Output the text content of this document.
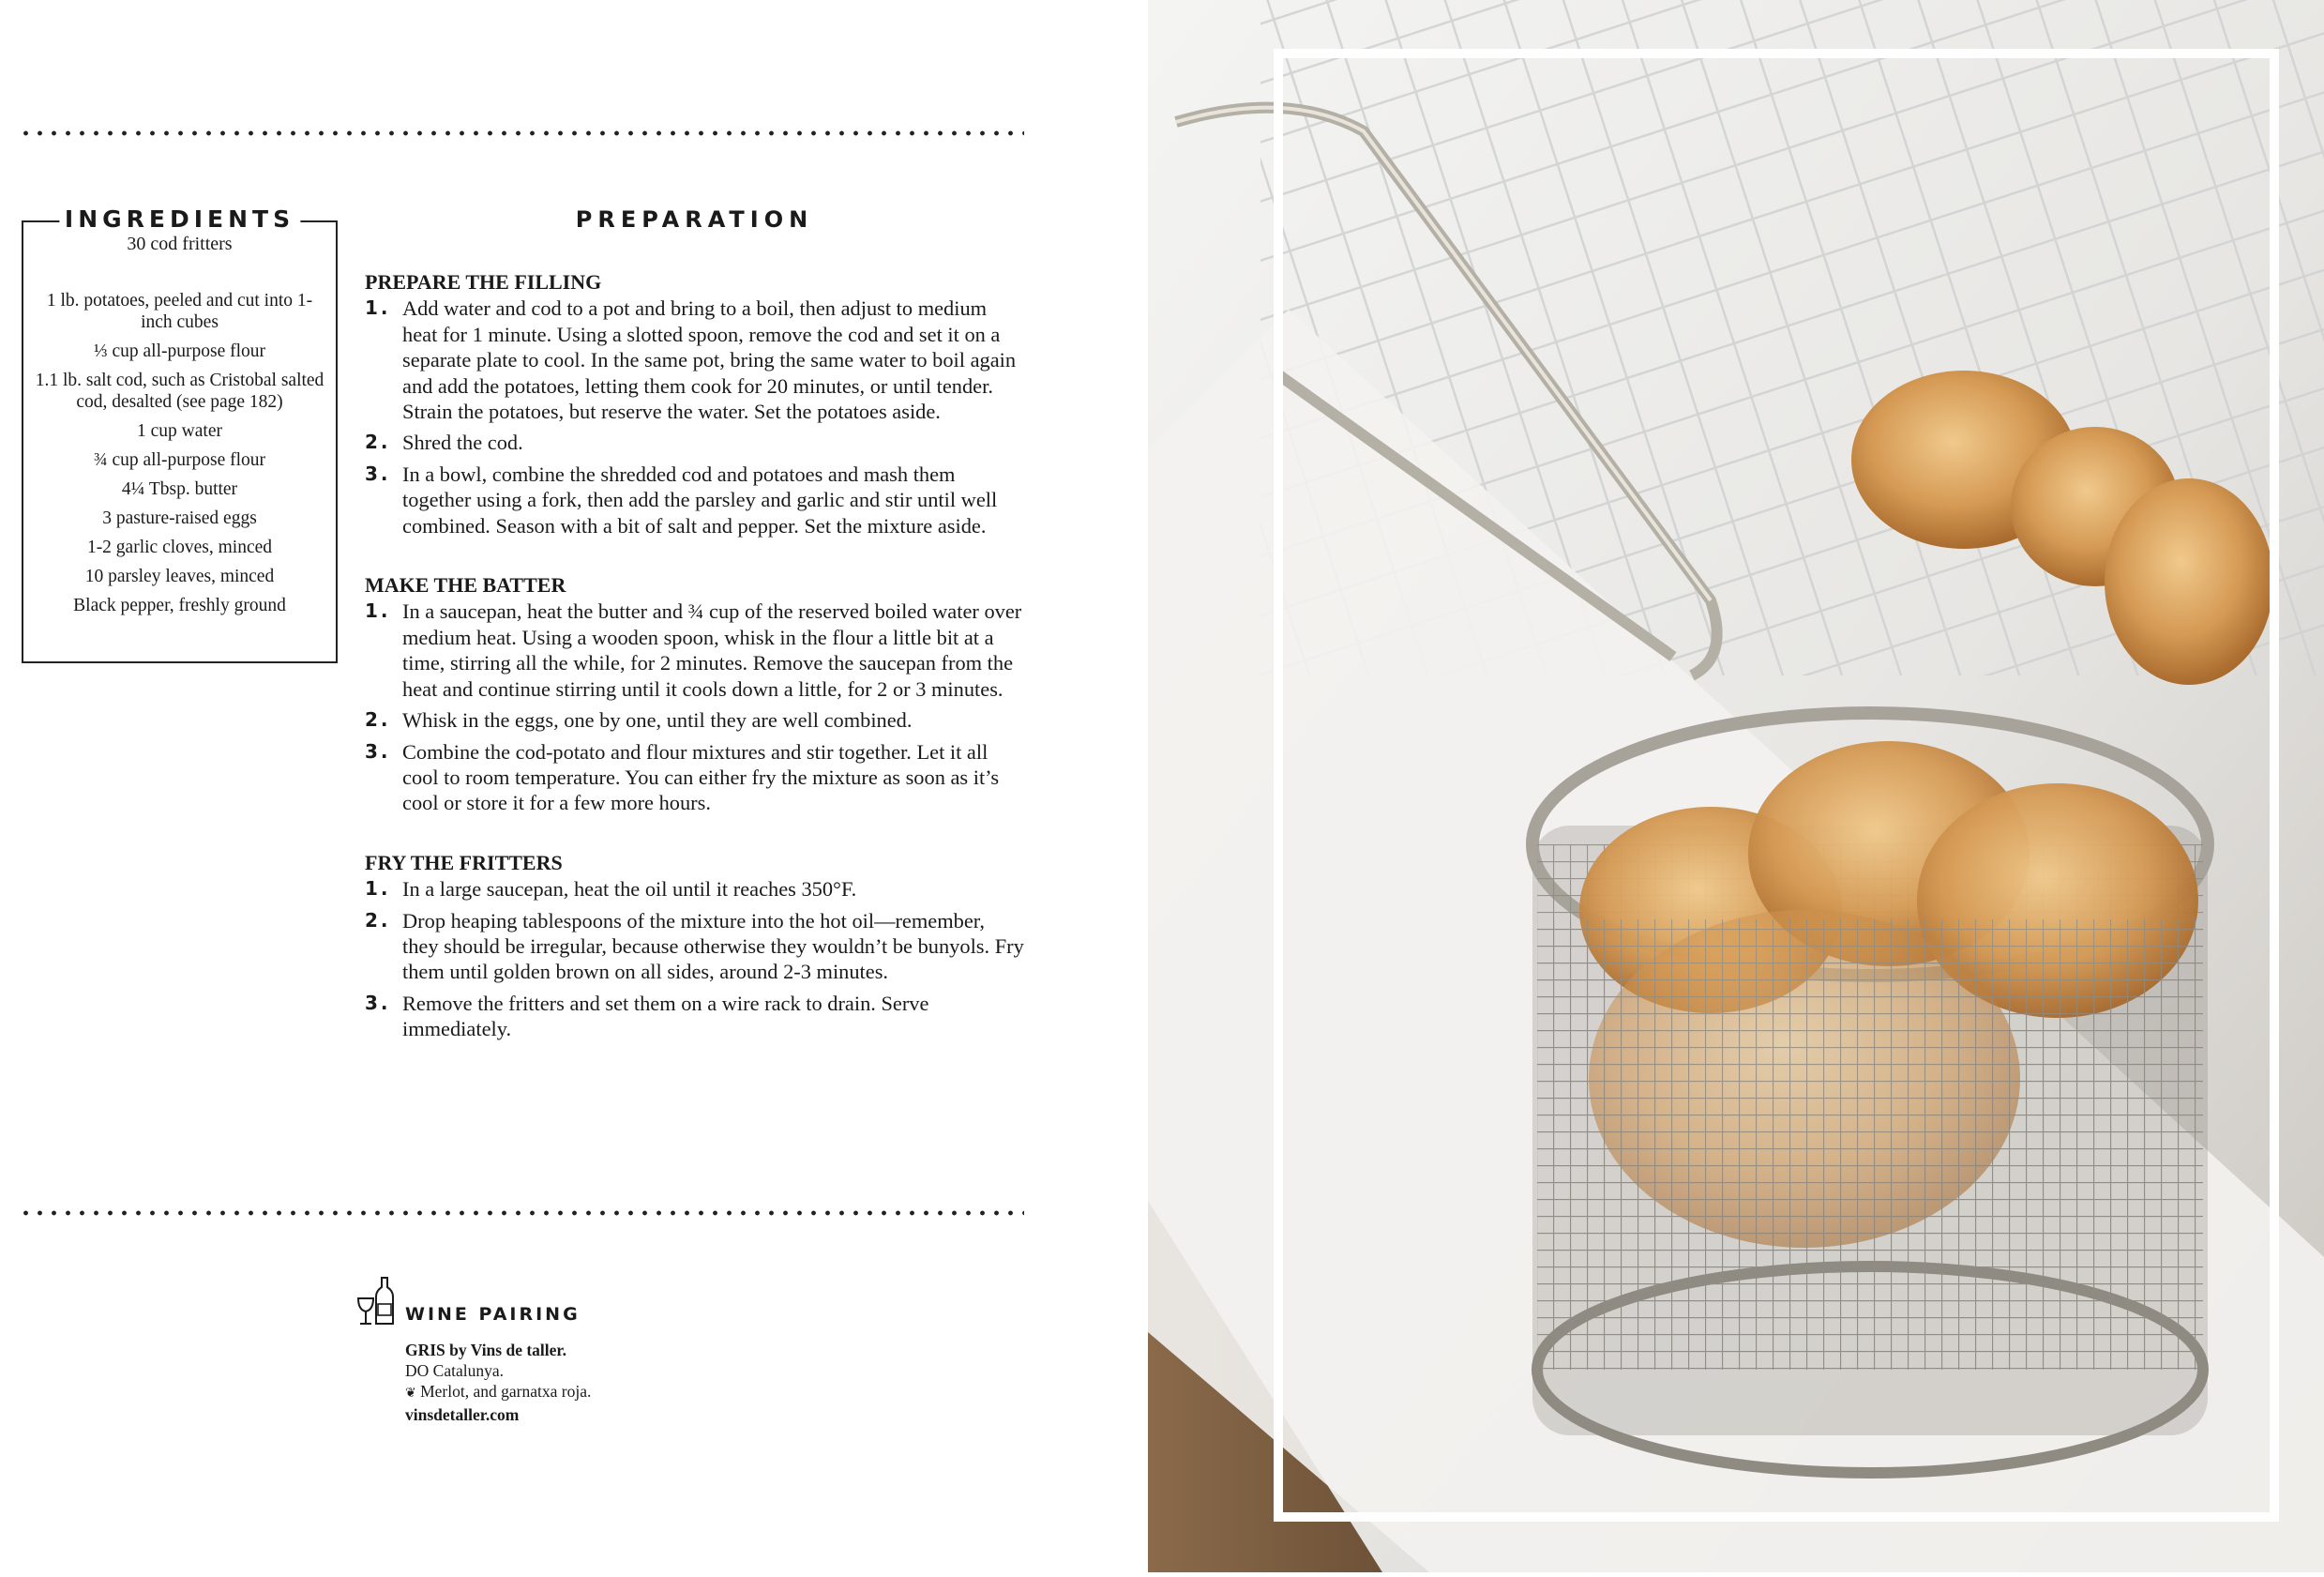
INGREDIENTS
30 cod fritters
1 lb. potatoes, peeled and cut into 1-inch cubes
⅓ cup all-purpose flour
1.1 lb. salt cod, such as Cristobal salted cod, desalted (see page 182)
1 cup water
¾ cup all-purpose flour
4¼ Tbsp. butter
3 pasture-raised eggs
1-2 garlic cloves, minced
10 parsley leaves, minced
Black pepper, freshly ground
PREPARATION
PREPARE THE FILLING
1. Add water and cod to a pot and bring to a boil, then adjust to medium heat for 1 minute. Using a slotted spoon, remove the cod and set it on a separate plate to cool. In the same pot, bring the same water to boil again and add the potatoes, letting them cook for 20 minutes, or until tender. Strain the potatoes, but reserve the water. Set the potatoes aside.
2. Shred the cod.
3. In a bowl, combine the shredded cod and potatoes and mash them together using a fork, then add the parsley and garlic and stir until well combined. Season with a bit of salt and pepper. Set the mixture aside.
MAKE THE BATTER
1. In a saucepan, heat the butter and ¾ cup of the reserved boiled water over medium heat. Using a wooden spoon, whisk in the flour a little bit at a time, stirring all the while, for 2 minutes. Remove the saucepan from the heat and continue stirring until it cools down a little, for 2 or 3 minutes.
2. Whisk in the eggs, one by one, until they are well combined.
3. Combine the cod-potato and flour mixtures and stir together. Let it all cool to room temperature. You can either fry the mixture as soon as it’s cool or store it for a few more hours.
FRY THE FRITTERS
1. In a large saucepan, heat the oil until it reaches 350°F.
2. Drop heaping tablespoons of the mixture into the hot oil—remember, they should be irregular, because otherwise they wouldn’t be bunyols. Fry them until golden brown on all sides, around 2-3 minutes.
3. Remove the fritters and set them on a wire rack to drain. Serve immediately.
WINE PAIRING
GRIS by Vins de taller.
DO Catalunya.
❦ Merlot, and garnatxa roja.
vinsdetaller.com
